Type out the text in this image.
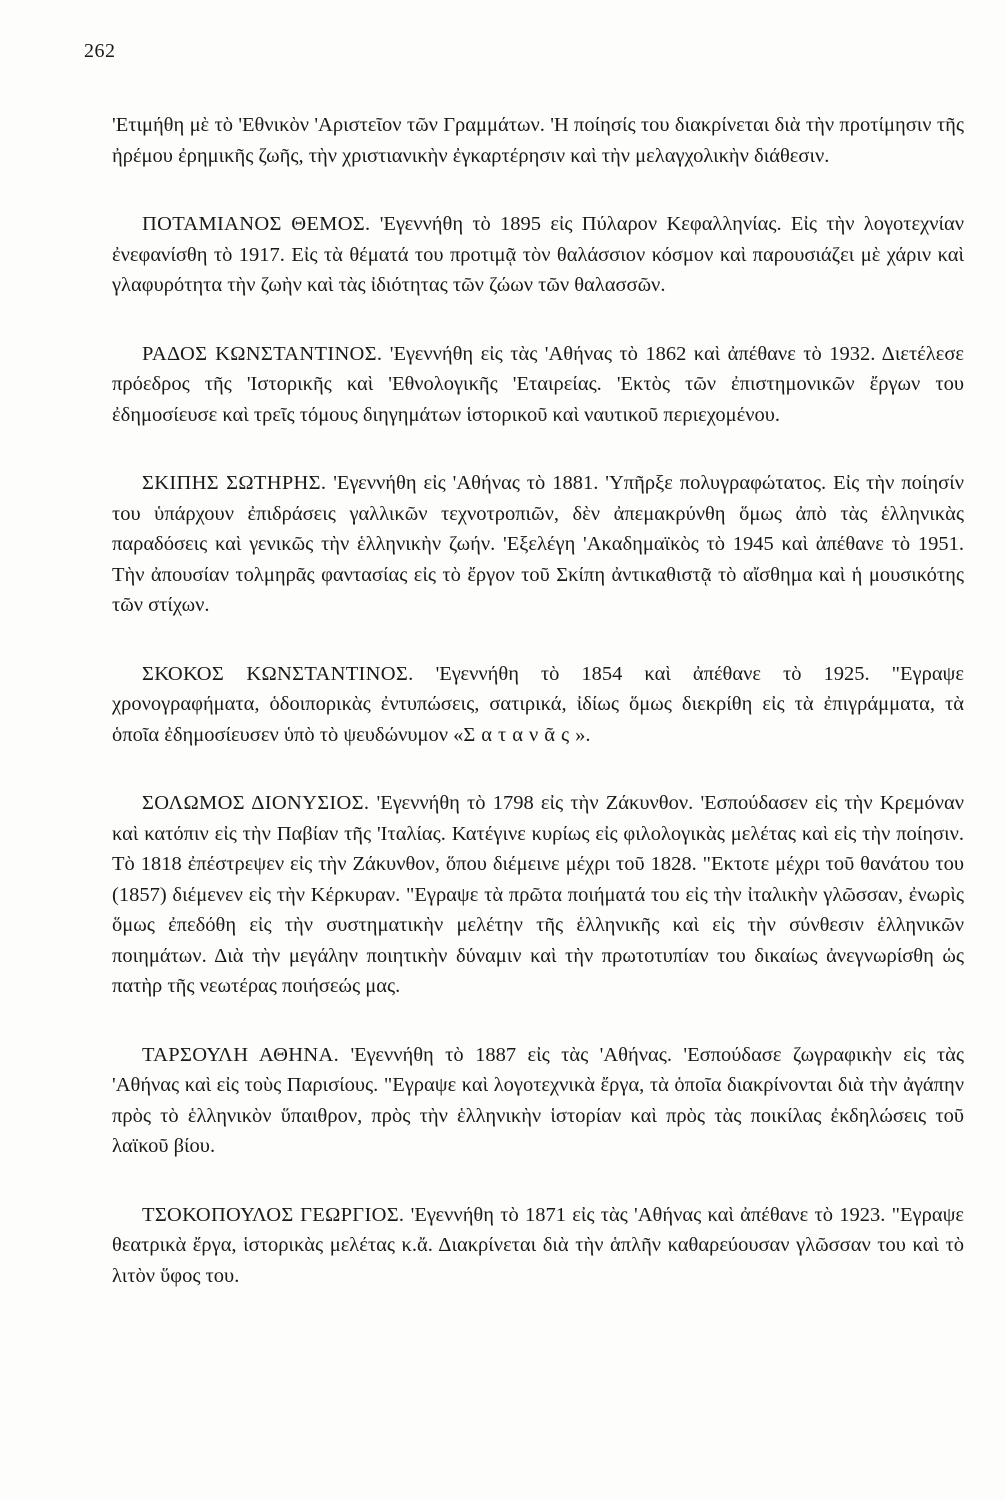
262

'Ετιμήθη μὲ τὸ 'Εθνικὸν 'Αριστεῖον τῶν Γραμμάτων. 'Η ποίησίς του διακρίνεται διὰ τὴν προτίμησιν τῆς ἠρέμου ἐρημικῆς ζωῆς, τὴν χριστιανικὴν ἐγκαρτέρησιν καὶ τὴν μελαγχολικὴν διάθεσιν.

ΠΟΤΑΜΙΑΝΟΣ ΘΕΜΟΣ. 'Εγεννήθη τὸ 1895 εἰς Πύλαρον Κεφαλληνίας. Εἰς τὴν λογοτεχνίαν ἐνεφανίσθη τὸ 1917. Εἰς τὰ θέματά του προτιμᾷ τὸν θαλάσσιον κόσμον καὶ παρουσιάζει μὲ χάριν καὶ γλαφυρότητα τὴν ζωὴν καὶ τὰς ἰδιότητας τῶν ζώων τῶν θαλασσῶν.

ΡΑΔΟΣ ΚΩΝΣΤΑΝΤΙΝΟΣ. 'Εγεννήθη εἰς τὰς 'Αθήνας τὸ 1862 καὶ ἀπέθανε τὸ 1932. Διετέλεσε πρόεδρος τῆς 'Ιστορικῆς καὶ 'Εθνολογικῆς 'Εταιρείας. 'Εκτὸς τῶν ἐπιστημονικῶν ἔργων του ἐδημοσίευσε καὶ τρεῖς τόμους διηγημάτων ἱστορικοῦ καὶ ναυτικοῦ περιεχομένου.

ΣΚΙΠΗΣ ΣΩΤΗΡΗΣ. 'Εγεννήθη εἰς 'Αθήνας τὸ 1881. 'Υπῆρξε πολυγραφώτατος. Εἰς τὴν ποίησίν του ὑπάρχουν ἐπιδράσεις γαλλικῶν τεχνοτροπιῶν, δὲν ἀπεμακρύνθη ὅμως ἀπὸ τὰς ἑλληνικὰς παραδόσεις καὶ γενικῶς τὴν ἑλληνικὴν ζωήν. 'Εξελέγη 'Ακαδημαϊκὸς τὸ 1945 καὶ ἀπέθανε τὸ 1951. Τὴν ἀπουσίαν τολμηρᾶς φαντασίας εἰς τὸ ἔργον τοῦ Σκίπη ἀντικαθιστᾷ τὸ αἴσθημα καὶ ἡ μουσικότης τῶν στίχων.

ΣΚΟΚΟΣ ΚΩΝΣΤΑΝΤΙΝΟΣ. 'Εγεννήθη τὸ 1854 καὶ ἀπέθανε τὸ 1925. "Εγραψε χρονογραφήματα, ὁδοιπορικὰς ἐντυπώσεις, σατιρικά, ἰδίως ὅμως διεκρίθη εἰς τὰ ἐπιγράμματα, τὰ ὁποῖα ἐδημοσίευσεν ὑπὸ τὸ ψευδώνυμον «Σατανᾶς».

ΣΟΛΩΜΟΣ ΔΙΟΝΥΣΙΟΣ. 'Εγεννήθη τὸ 1798 εἰς τὴν Ζάκυνθον. 'Εσπούδασεν εἰς τὴν Κρεμόναν καὶ κατόπιν εἰς τὴν Παβίαν τῆς 'Ιταλίας. Κατέγινε κυρίως εἰς φιλολογικὰς μελέτας καὶ εἰς τὴν ποίησιν. Τὸ 1818 ἐπέστρεψεν εἰς τὴν Ζάκυνθον, ὅπου διέμεινε μέχρι τοῦ 1828. "Εκτοτε μέχρι τοῦ θανάτου του (1857) διέμενεν εἰς τὴν Κέρκυραν. "Εγραψε τὰ πρῶτα ποιήματά του εἰς τὴν ἰταλικὴν γλῶσσαν, ἐνωρὶς ὅμως ἐπεδόθη εἰς τὴν συστηματικὴν μελέτην τῆς ἑλληνικῆς καὶ εἰς τὴν σύνθεσιν ἑλληνικῶν ποιημάτων. Διὰ τὴν μεγάλην ποιητικὴν δύναμιν καὶ τὴν πρωτοτυπίαν του δικαίως ἀνεγνωρίσθη ὡς πατὴρ τῆς νεωτέρας ποιήσεώς μας.

ΤΑΡΣΟΥΛΗ ΑΘΗΝΑ. 'Εγεννήθη τὸ 1887 εἰς τὰς 'Αθήνας. 'Εσπούδασε ζωγραφικὴν εἰς τὰς 'Αθήνας καὶ εἰς τοὺς Παρισίους. "Εγραψε καὶ λογοτεχνικὰ ἔργα, τὰ ὁποῖα διακρίνονται διὰ τὴν ἀγάπην πρὸς τὸ ἑλληνικὸν ὕπαιθρον, πρὸς τὴν ἑλληνικὴν ἱστορίαν καὶ πρὸς τὰς ποικίλας ἐκδηλώσεις τοῦ λαϊκοῦ βίου.

ΤΣΟΚΟΠΟΥΛΟΣ ΓΕΩΡΓΙΟΣ. 'Εγεννήθη τὸ 1871 εἰς τὰς 'Αθήνας καὶ ἀπέθανε τὸ 1923. "Εγραψε θεατρικὰ ἔργα, ἱστορικὰς μελέτας κ.ἄ. Διακρίνεται διὰ τὴν ἁπλῆν καθαρεύουσαν γλῶσσαν του καὶ τὸ λιτὸν ὕφος του.
